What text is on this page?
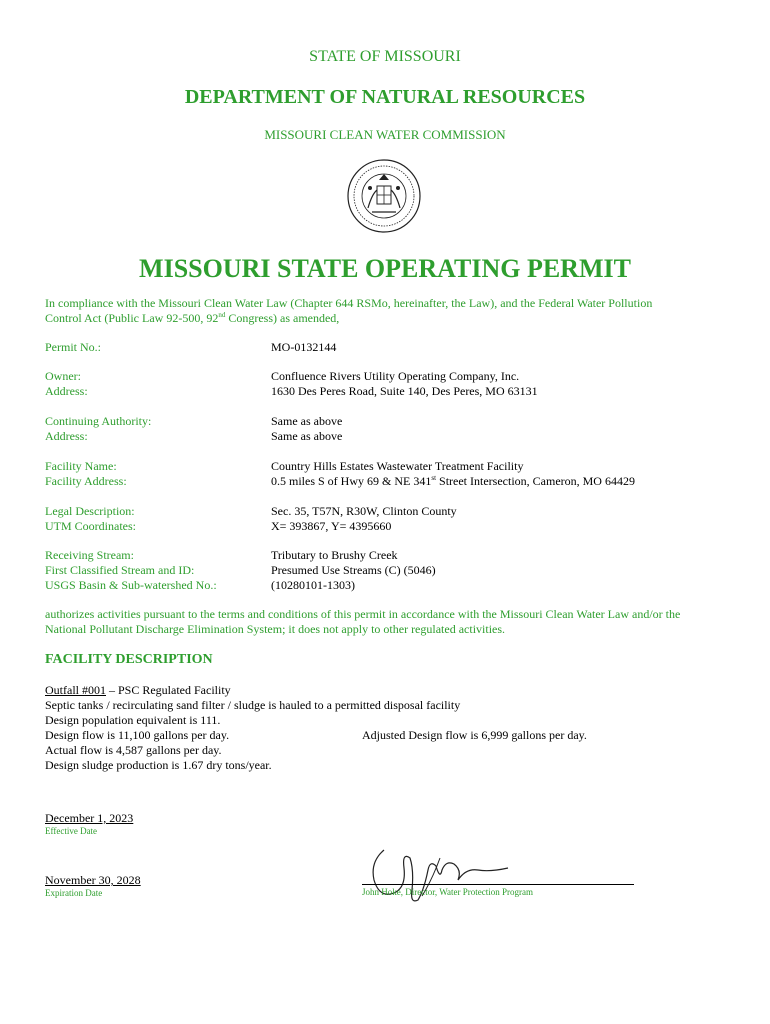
STATE OF MISSOURI
DEPARTMENT OF NATURAL RESOURCES
MISSOURI CLEAN WATER COMMISSION
MISSOURI STATE OPERATING PERMIT
In compliance with the Missouri Clean Water Law (Chapter 644 RSMo, hereinafter, the Law), and the Federal Water Pollution
Control Act (Public Law 92-500, 92nd Congress) as amended,
Permit No.:	MO-0132144
Owner:	Confluence Rivers Utility Operating Company, Inc.
Address:	1630 Des Peres Road, Suite 140, Des Peres, MO 63131
Continuing Authority:	Same as above
Address:	Same as above
Facility Name:	Country Hills Estates Wastewater Treatment Facility
Facility Address:	0.5 miles S of Hwy 69 & NE 341st Street Intersection, Cameron, MO 64429
Legal Description:	Sec. 35, T57N, R30W, Clinton County
UTM Coordinates:	X= 393867, Y= 4395660
Receiving Stream:	Tributary to Brushy Creek
First Classified Stream and ID:	Presumed Use Streams (C) (5046)
USGS Basin & Sub-watershed No.:	(10280101-1303)
authorizes activities pursuant to the terms and conditions of this permit in accordance with the Missouri Clean Water Law and/or the
National Pollutant Discharge Elimination System; it does not apply to other regulated activities.
FACILITY DESCRIPTION
Outfall #001 – PSC Regulated Facility
Septic tanks / recirculating sand filter / sludge is hauled to a permitted disposal facility
Design population equivalent is 111.
Design flow is 11,100 gallons per day.	Adjusted Design flow is 6,999 gallons per day.
Actual flow is 4,587 gallons per day.
Design sludge production is 1.67 dry tons/year.
December 1, 2023
Effective Date
November 30, 2028
Expiration Date	John Hoke, Director, Water Protection Program
